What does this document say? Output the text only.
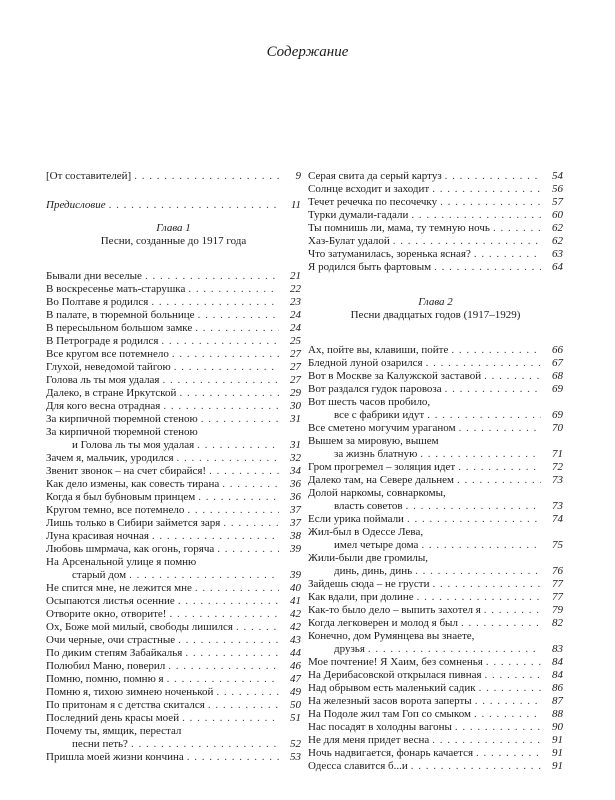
Содержание
[От составителей] . . .	9
Предисловие . . .	11
Глава 1
Песни, созданные до 1917 года
Бывали дни веселые . . .	21
В воскресенье мать-старушка . . .	22
Во Полтаве я родился . . .	23
В палате, в тюремной больнице . . .	24
В пересыльном большом замке . . .	24
В Петрограде я родился . . .	25
Все кругом все потемнело . . .	27
Глухой, неведомой тайгою . . .	27
Голова ль ты моя удалая . . .	27
Далеко, в стране Иркутской . . .	29
Для кого весна отрадная . . .	30
За кирпичной тюремной стеною . . .	31
За кирпичной тюремной стеною
и Голова ль ты моя удалая . . .	31
Зачем я, мальчик, уродился . . .	32
Звенит звонок – на счет сбирайся! . . .	34
Как дело измены, как совесть тирана . . .	36
Когда я был бубновым принцем . . .	36
Кругом темно, все потемнело . . .	37
Лишь только в Сибири займется заря . . .	37
Луна красивая ночная . . .	38
Любовь шмрмача, как огонь, горяча . . .	39
На Арсенальной улице я помню
старый дом . . .	39
Не спится мне, не лежится мне . . .	40
Осыпаются листья осенние . . .	41
Отворите окно, отворите! . . .	42
Ох, Боже мой милый, свободы лишился . . .	42
Очи черные, очи страстные . . .	43
По диким степям Забайкалья . . .	44
Полюбил Маню, поверил . . .	46
Помню, помню, помню я . . .	47
Помню я, тихою зимнею ноченькой . . .	49
По притонам я с детства скитался . . .	50
Последний день красы моей . . .	51
Почему ты, ямщик, перестал
песни петь? . . .	52
Пришла моей жизни кончина . . .	53
Серая свита да серый картуз . . .	54
Солнце всходит и заходит . . .	56
Течет речечка по песочечку . . .	57
Турки думали-гадали . . .	60
Ты помнишь ли, мама, ту темную ночь . . .	62
Хаз-Булат удалой . . .	62
Что затуманилась, зоренька ясная? . . .	63
Я родился быть фартовым . . .	64
Глава 2
Песни двадцатых годов (1917–1929)
Ах, пойте вы, клавиши, пойте . . .	66
Бледной луной озарился . . .	67
Вот в Москве за Калужской заставой . . .	68
Вот раздался гудок паровоза . . .	69
Вот шесть часов пробило,
все с фабрики идут . . .	69
Все сметено могучим ураганом . . .	70
Вышем за мировую, вышем
за жизнь блатную . . .	71
Гром прогремел – золяция идет . . .	72
Далеко там, на Севере дальнем . . .	73
Долой наркомы, совнаркомы,
власть советов . . .	73
Если урика поймали . . .	74
Жил-был в Одессе Лева,
имел четыре дома . . .	75
Жили-были две громилы,
динь, динь, динь . . .	76
Зайдешь сюда – не грусти . . .	77
Как вдали, при долине . . .	77
Как-то было дело – выпить захотел я . . .	79
Когда легковерен и молод я был . . .	82
Конечно, дом Румянцева вы знаете,
друзья . . .	83
Мое почтение! Я Хаим, без сомненья . . .	84
На Дерибасовской открылася пивная . . .	84
Над обрывом есть маленький садик . . .	86
На железный засов ворота заперты . . .	87
На Подоле жил там Гоп со смыком . . .	88
Нас посадят в холодны вагоны . . .	90
Не для меня придет весна . . .	91
Ночь надвигается, фонарь качается . . .	91
Одесса славится б...и . . .	91
